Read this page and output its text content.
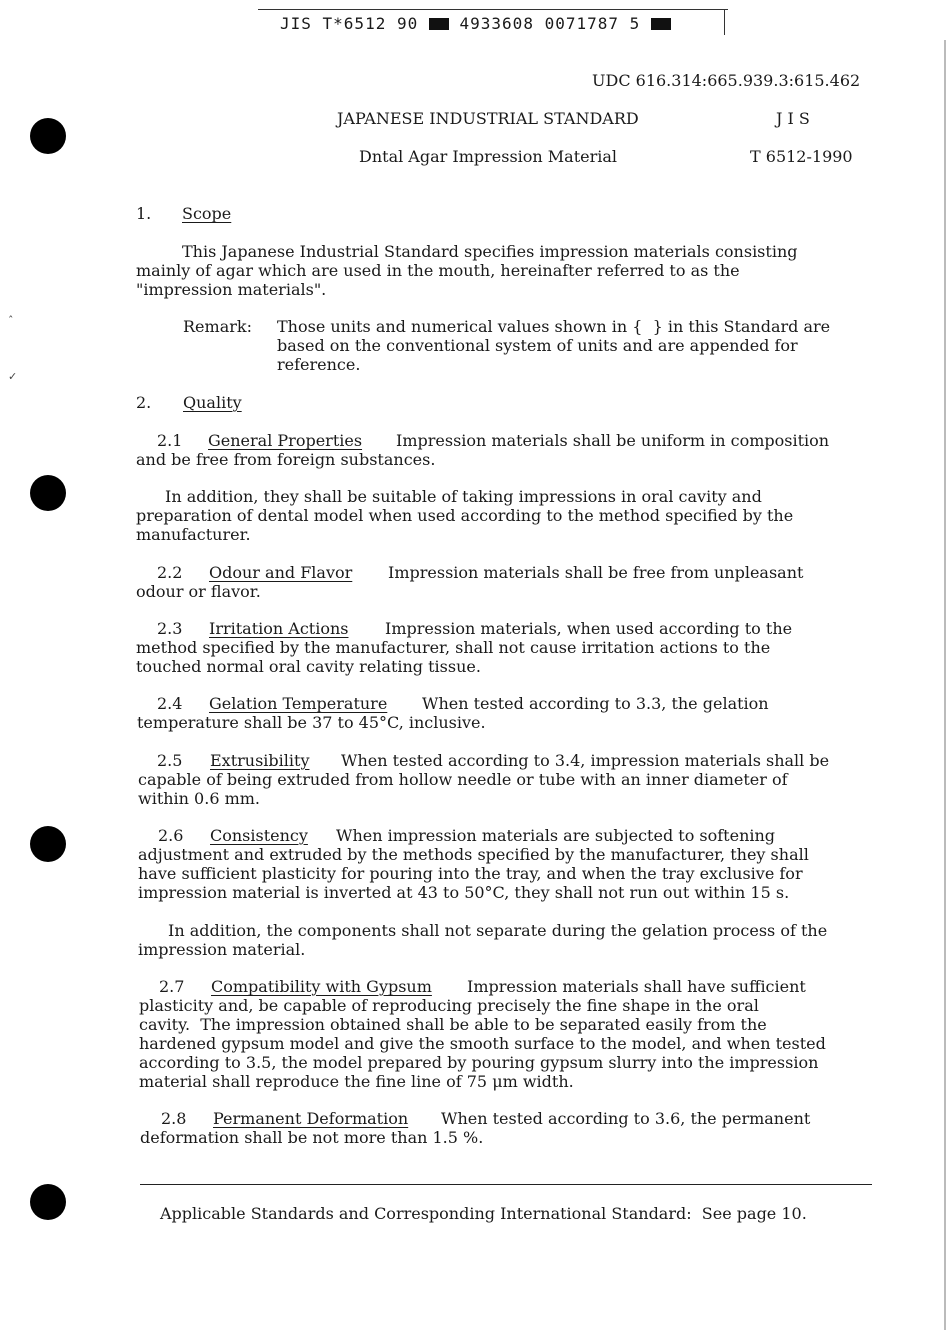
JIS T*6512 90	4933608 0071787 5
ˆ
✓
UDC 616.314:665.939.3:615.462
JAPANESE INDUSTRIAL STANDARD	J I S
Dntal Agar Impression Material	T 6512-1990
1. Scope
This Japanese Industrial Standard specifies impression materials consisting
mainly of agar which are used in the mouth, hereinafter referred to as the
"impression materials".
Remark: Those units and numerical values shown in {  } in this Standard are
based on the conventional system of units and are appended for
reference.
2. Quality
2.1 General Properties Impression materials shall be uniform in composition
and be free from foreign substances.
In addition, they shall be suitable of taking impressions in oral cavity and
preparation of dental model when used according to the method specified by the
manufacturer.
2.2 Odour and Flavor Impression materials shall be free from unpleasant
odour or flavor.
2.3 Irritation Actions Impression materials, when used according to the
method specified by the manufacturer, shall not cause irritation actions to the
touched normal oral cavity relating tissue.
2.4 Gelation Temperature When tested according to 3.3, the gelation
temperature shall be 37 to 45°C, inclusive.
2.5 Extrusibility When tested according to 3.4, impression materials shall be
capable of being extruded from hollow needle or tube with an inner diameter of
within 0.6 mm.
2.6 Consistency When impression materials are subjected to softening
adjustment and extruded by the methods specified by the manufacturer, they shall
have sufficient plasticity for pouring into the tray, and when the tray exclusive for
impression material is inverted at 43 to 50°C, they shall not run out within 15 s.
In addition, the components shall not separate during the gelation process of the
impression material.
2.7 Compatibility with Gypsum Impression materials shall have sufficient
plasticity and, be capable of reproducing precisely the fine shape in the oral
cavity.  The impression obtained shall be able to be separated easily from the
hardened gypsum model and give the smooth surface to the model, and when tested
according to 3.5, the model prepared by pouring gypsum slurry into the impression
material shall reproduce the fine line of 75 μm width.
2.8 Permanent Deformation When tested according to 3.6, the permanent
deformation shall be not more than 1.5 %.
Applicable Standards and Corresponding International Standard:  See page 10.
